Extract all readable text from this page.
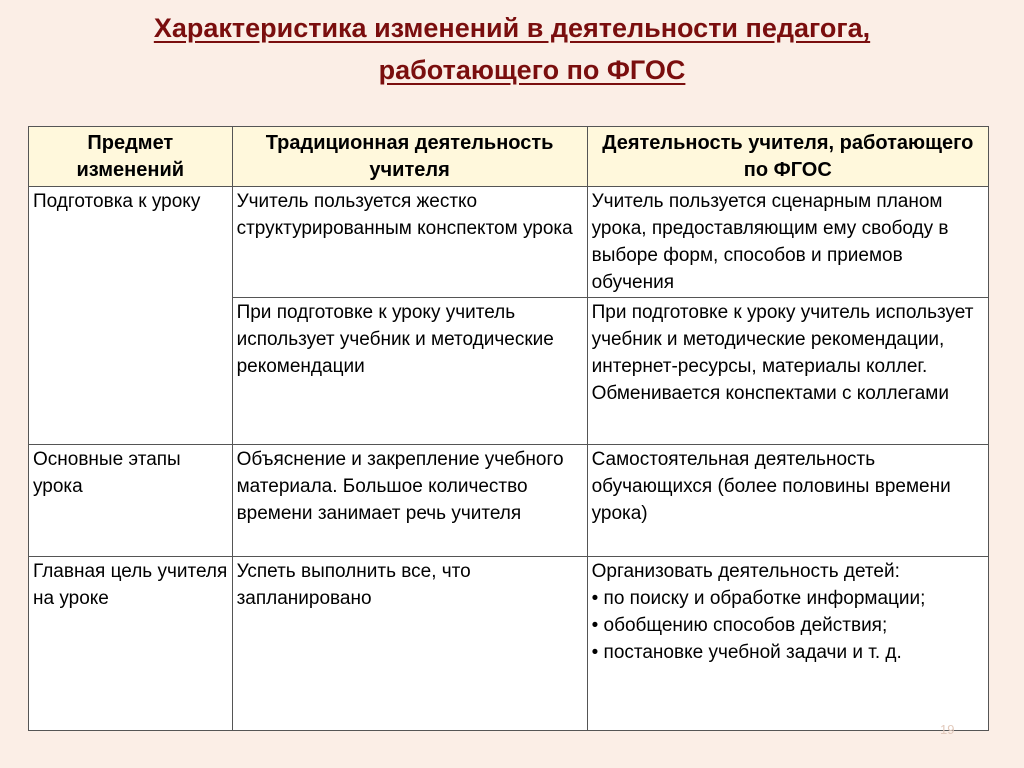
Характеристика изменений в деятельности педагога,
работающего по ФГОС
Предмет изменений	Традиционная деятельность учителя	Деятельность учителя, работающего по ФГОС

Подготовка к уроку	Учитель пользуется жестко структурированным конспектом урока	Учитель пользуется сценарным планом урока, предоставляющим ему свободу в выборе форм, способов и приемов обучения

	При подготовке к уроку учитель использует учебник и методические рекомендации	При подготовке к уроку учитель использует учебник и методические рекомендации, интернет-ресурсы, материалы коллег. Обменивается конспектами с коллегами

Основные этапы урока	Объяснение и закрепление учебного материала. Большое количество времени занимает речь учителя	Самостоятельная деятельность обучающихся (более половины времени урока)

Главная цель учителя на уроке	Успеть выполнить все, что запланировано	Организовать деятельность детей:
• по поиску и обработке информации;
• обобщению способов действия;
• постановке учебной задачи и т. д.
19
